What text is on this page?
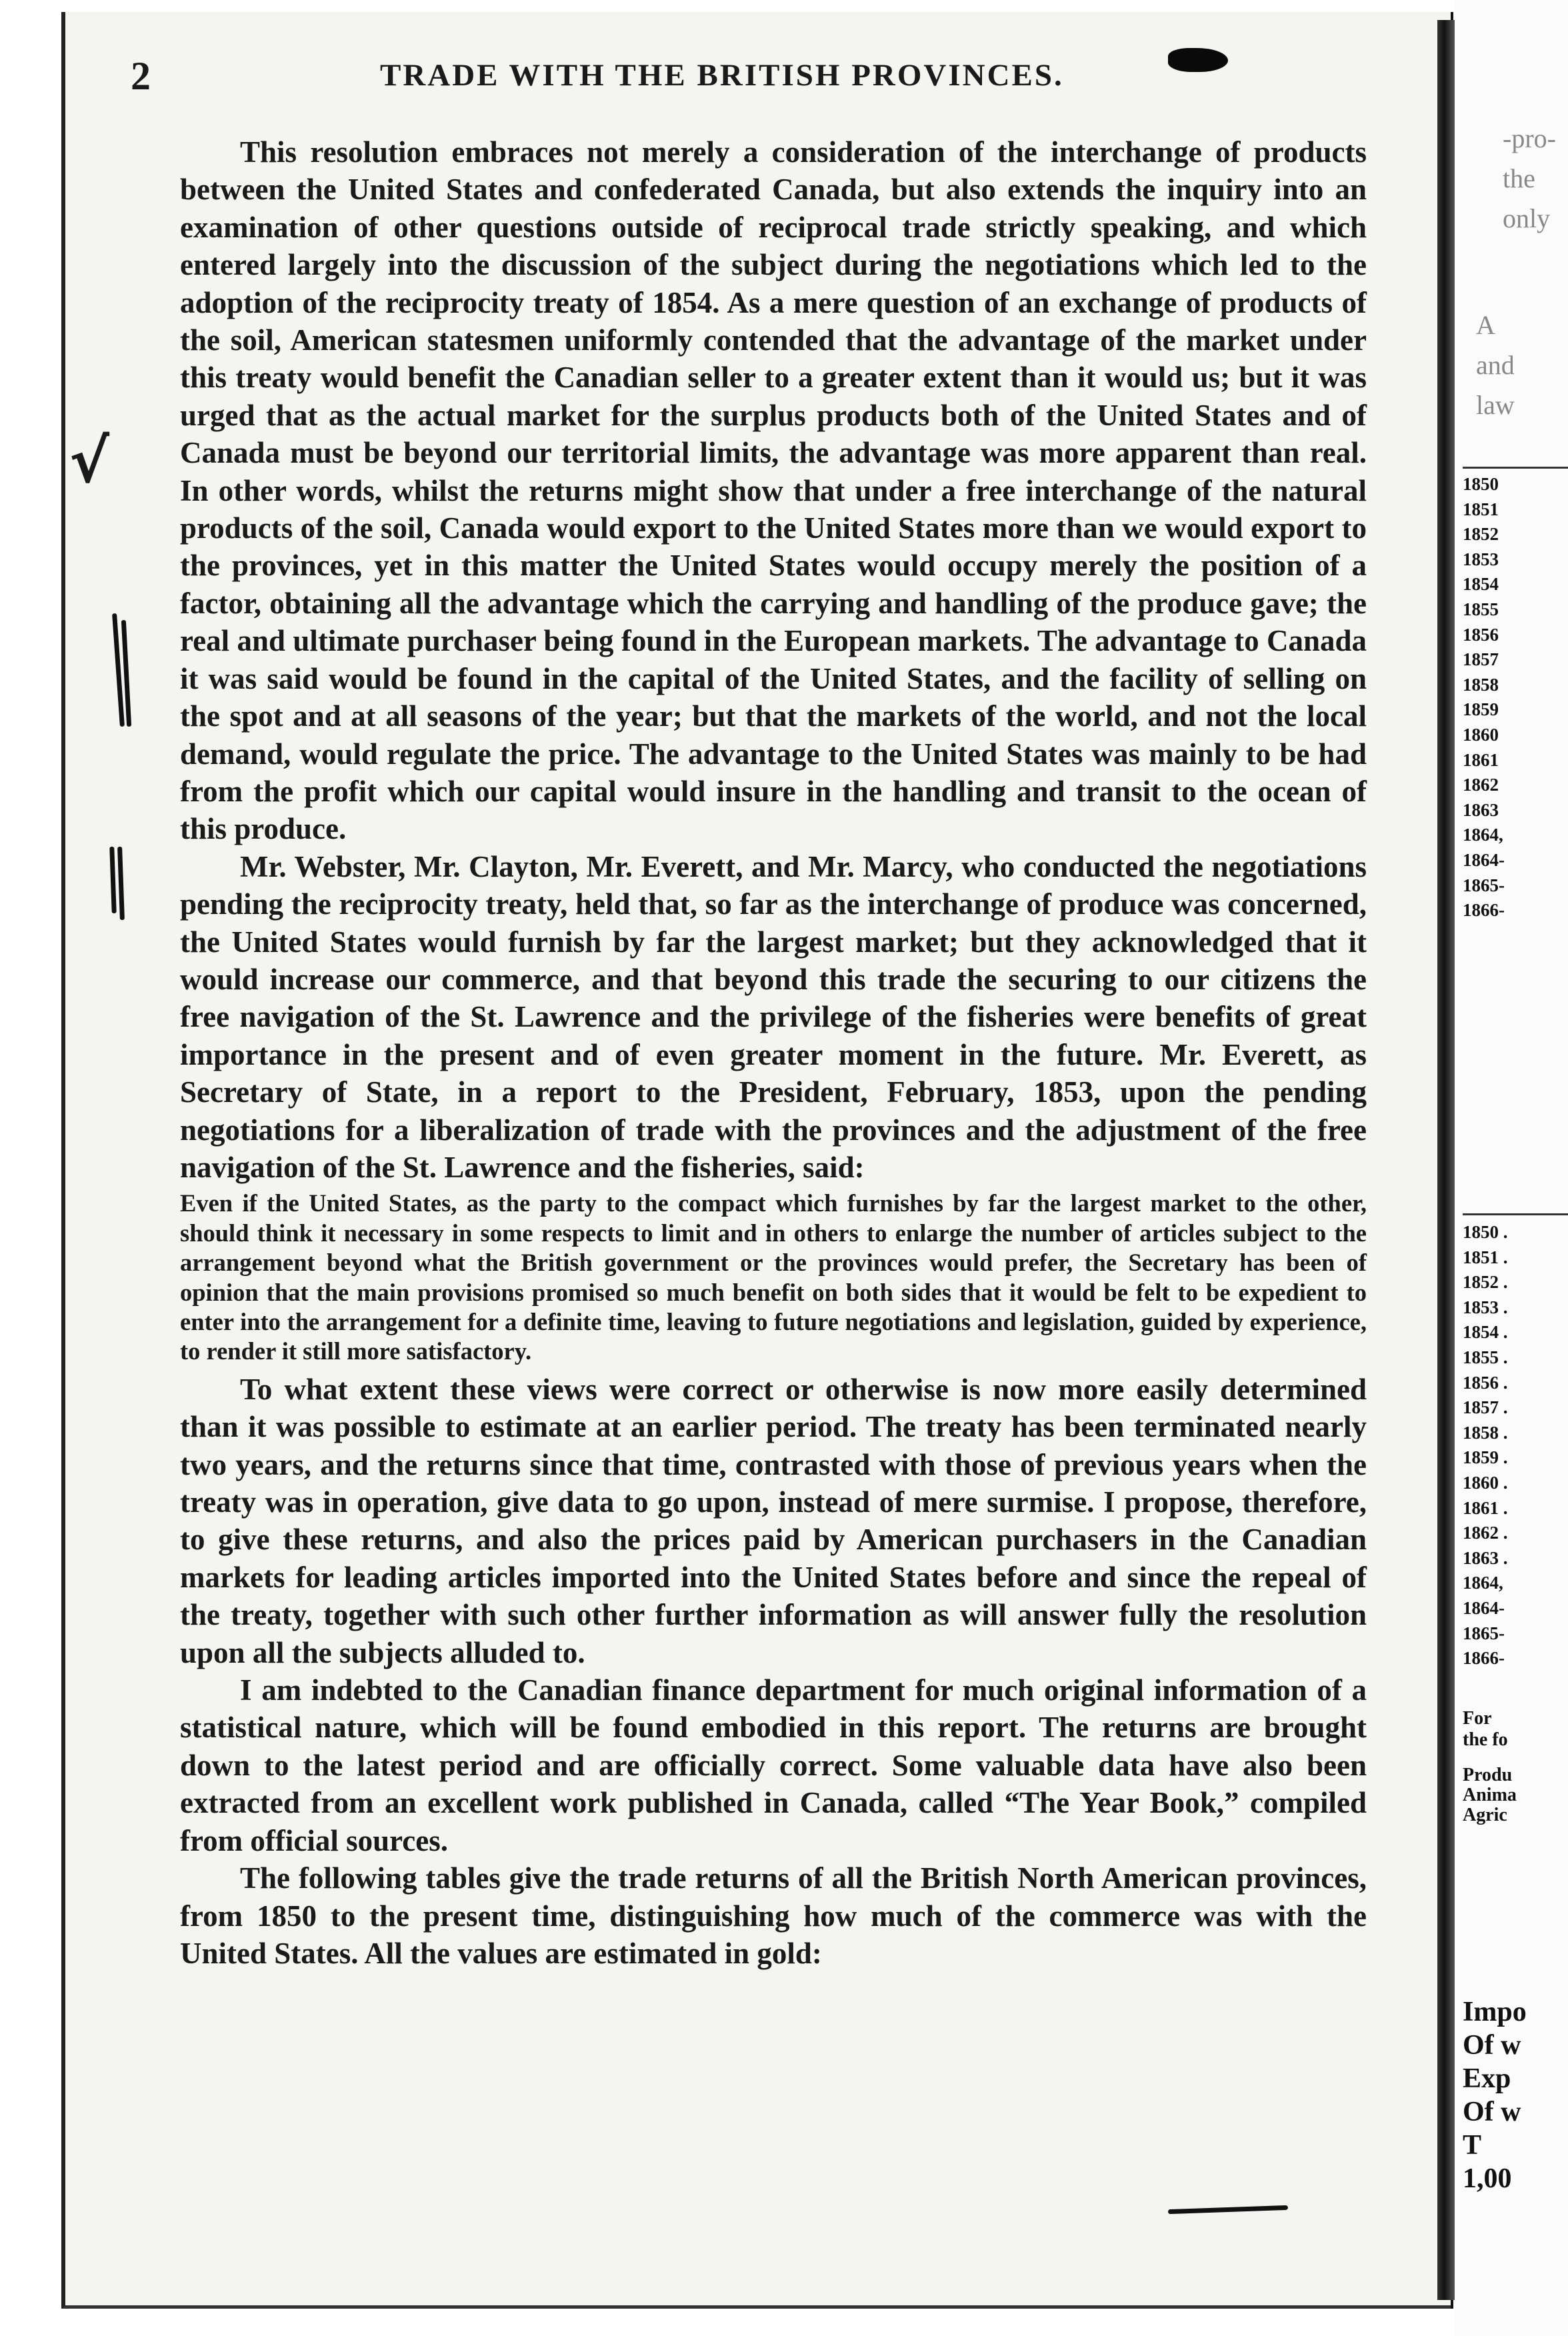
2	TRADE WITH THE BRITISH PROVINCES.

This resolution embraces not merely a consideration of the interchange of products between the United States and confederated Canada, but also extends the inquiry into an examination of other questions outside of reciprocal trade strictly speaking, and which entered largely into the discussion of the subject during the negotiations which led to the adoption of the reciprocity treaty of 1854. As a mere question of an exchange of products of the soil, American statesmen uniformly contended that the advantage of the market under this treaty would benefit the Canadian seller to a greater extent than it would us; but it was urged that as the actual market for the surplus products both of the United States and of Canada must be beyond our territorial limits, the advantage was more apparent than real. In other words, whilst the returns might show that under a free interchange of the natural products of the soil, Canada would export to the United States more than we would export to the provinces, yet in this matter the United States would occupy merely the position of a factor, obtaining all the advantage which the carrying and handling of the produce gave; the real and ultimate purchaser being found in the European markets. The advantage to Canada it was said would be found in the capital of the United States, and the facility of selling on the spot and at all seasons of the year; but that the markets of the world, and not the local demand, would regulate the price. The advantage to the United States was mainly to be had from the profit which our capital would insure in the handling and transit to the ocean of this produce.

Mr. Webster, Mr. Clayton, Mr. Everett, and Mr. Marcy, who conducted the negotiations pending the reciprocity treaty, held that, so far as the interchange of produce was concerned, the United States would furnish by far the largest market; but they acknowledged that it would increase our commerce, and that beyond this trade the securing to our citizens the free navigation of the St. Lawrence and the privilege of the fisheries were benefits of great importance in the present and of even greater moment in the future. Mr. Everett, as Secretary of State, in a report to the President, February, 1853, upon the pending negotiations for a liberalization of trade with the provinces and the adjustment of the free navigation of the St. Lawrence and the fisheries, said:

Even if the United States, as the party to the compact which furnishes by far the largest market to the other, should think it necessary in some respects to limit and in others to enlarge the number of articles subject to the arrangement beyond what the British government or the provinces would prefer, the Secretary has been of opinion that the main provisions promised so much benefit on both sides that it would be felt to be expedient to enter into the arrangement for a definite time, leaving to future negotiations and legislation, guided by experience, to render it still more satisfactory.

To what extent these views were correct or otherwise is now more easily determined than it was possible to estimate at an earlier period. The treaty has been terminated nearly two years, and the returns since that time, contrasted with those of previous years when the treaty was in operation, give data to go upon, instead of mere surmise. I propose, therefore, to give these returns, and also the prices paid by American purchasers in the Canadian markets for leading articles imported into the United States before and since the repeal of the treaty, together with such other further information as will answer fully the resolution upon all the subjects alluded to.

I am indebted to the Canadian finance department for much original information of a statistical nature, which will be found embodied in this report. The returns are brought down to the latest period and are officially correct. Some valuable data have also been extracted from an excellent work published in Canada, called “The Year Book,” compiled from official sources.

The following tables give the trade returns of all the British North American provinces, from 1850 to the present time, distinguishing how much of the commerce was with the United States. All the values are estimated in gold:

√
-pro-
the
only
A
and
law
1850
1851
1852
1853
1854
1855
1856
1857
1858
1859
1860
1861
1862
1863
1864,
1864-
1865-
1866-
1850 .
1851 .
1852 .
1853 .
1854 .
1855 .
1856 .
1857 .
1858 .
1859 .
1860 .
1861 .
1862 .
1863 .
1864,
1864-
1865-
1866-
For
the fo
Produ
Anima
Agric
Impo
Of w
Exp
Of w
T
1,00
